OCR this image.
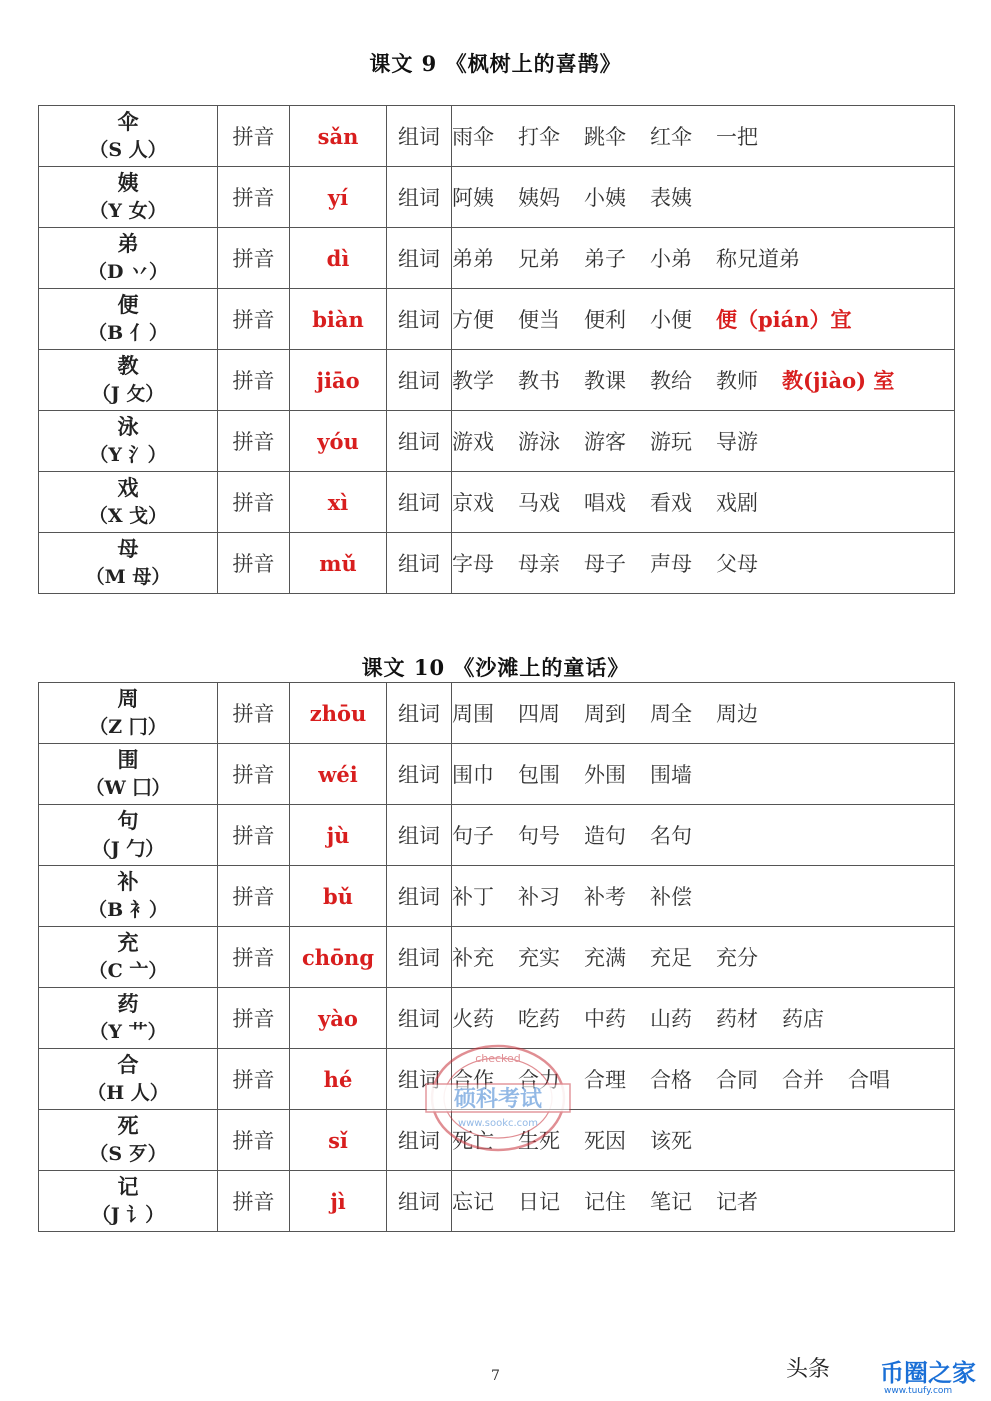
课文 9 《枫树上的喜鹊》
伞
（S 人）	拼音	sǎn	组词	雨伞 打伞 跳伞 红伞 一把
姨
（Y 女）	拼音	yí	组词	阿姨 姨妈 小姨 表姨
弟
（D 丷）	拼音	dì	组词	弟弟 兄弟 弟子 小弟 称兄道弟
便
（B 亻）	拼音	biàn	组词	方便 便当 便利 小便 便（pián）宜
教
（J 攵）	拼音	jiāo	组词	教学 教书 教课 教给 教师 教(jiào) 室
泳
（Y 氵）	拼音	yóu	组词	游戏 游泳 游客 游玩 导游
戏
（X 戈）	拼音	xì	组词	京戏 马戏 唱戏 看戏 戏剧
母
（M 母）	拼音	mǔ	组词	字母 母亲 母子 声母 父母
课文 10 《沙滩上的童话》
周
（Z 冂）	拼音	zhōu	组词	周围 四周 周到 周全 周边
围
（W 囗）	拼音	wéi	组词	围巾 包围 外围 围墙
句
（J 勹）	拼音	jù	组词	句子 句号 造句 名句
补
（B 衤）	拼音	bǔ	组词	补丁 补习 补考 补偿
充
（C 亠）	拼音	chōng	组词	补充 充实 充满 充足 充分
药
（Y 艹）	拼音	yào	组词	火药 吃药 中药 山药 药材 药店
合
（H 人）	拼音	hé	组词	合作 合力 合理 合格 合同 合并 合唱
死
（S 歹）	拼音	sǐ	组词	死亡 生死 死因 该死
记
（J 讠）	拼音	jì	组词	忘记 日记 记住 笔记 记者
硕科考试
www.sookc.com
checked
7	头条 币圈之家
www.tuufy.com
